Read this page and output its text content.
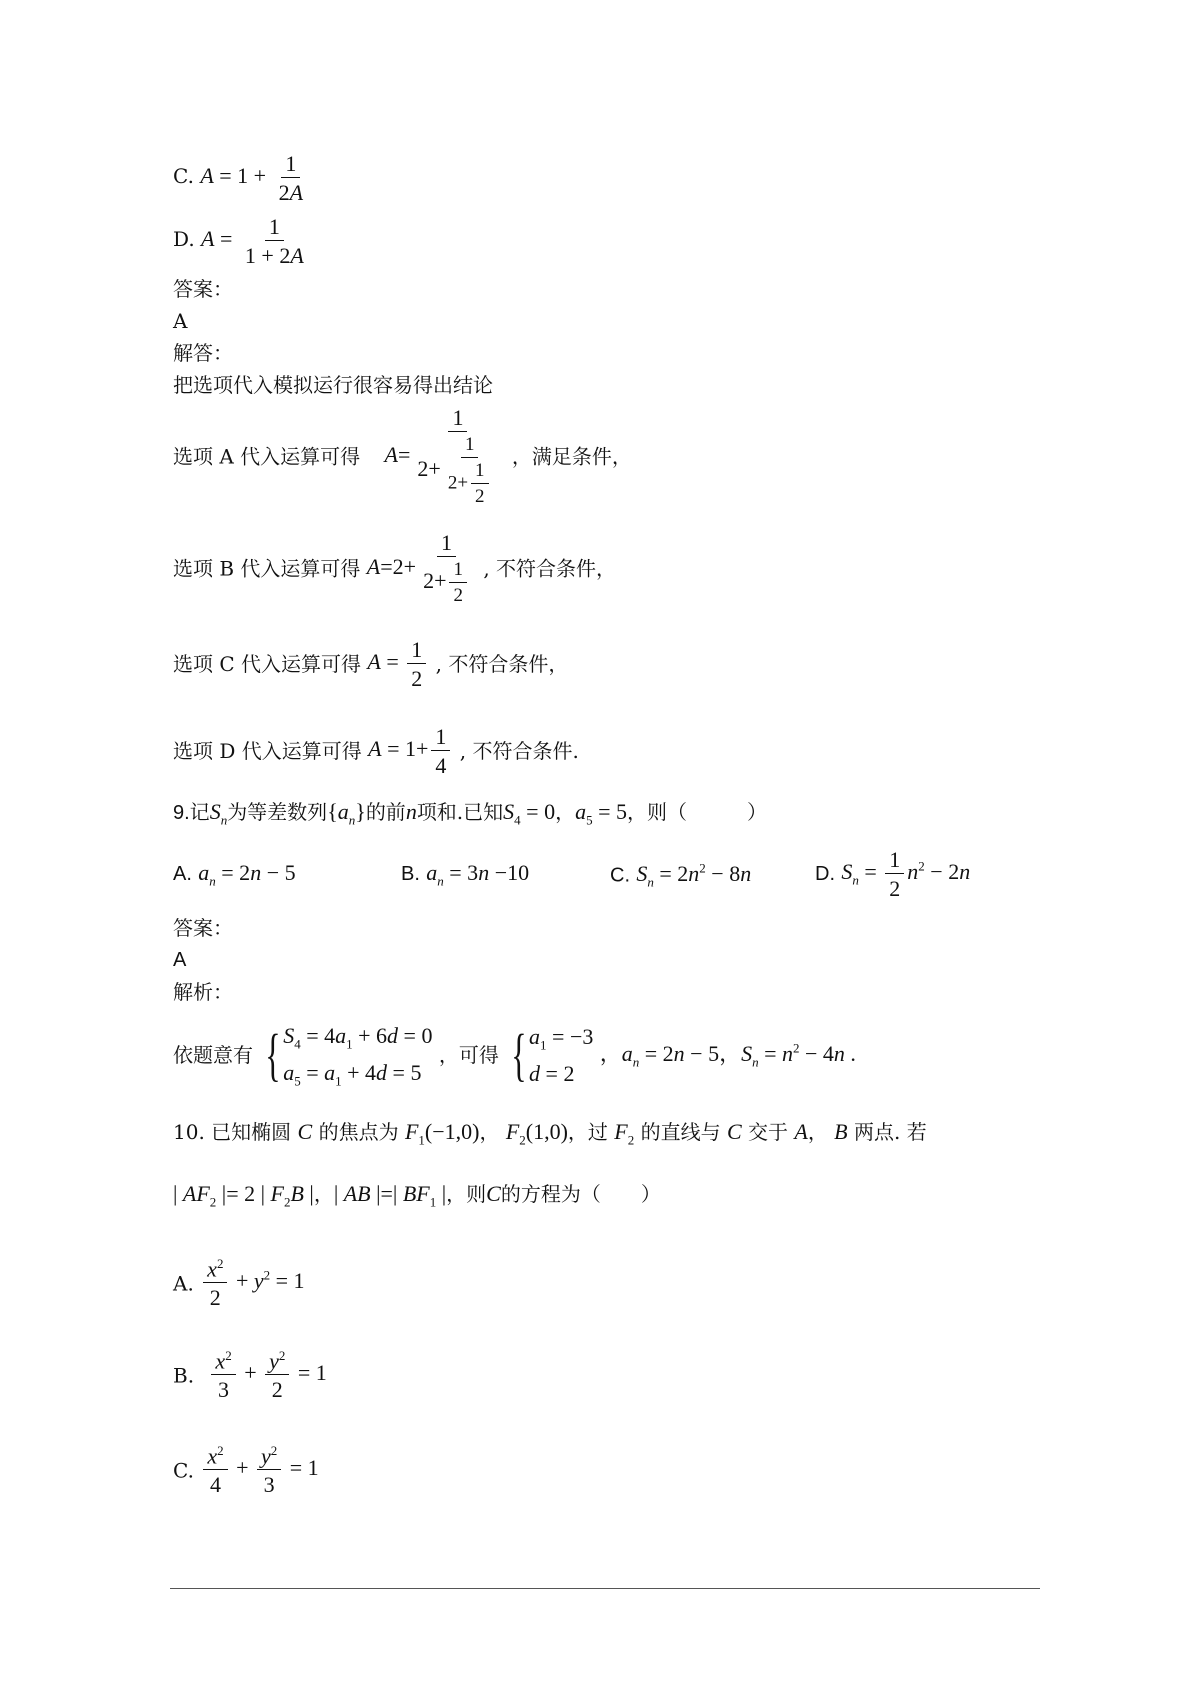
C. $A = 1 + \frac{1}{2A}$
D. $A = \frac{1}{1 + 2A}$
答案：
A
解答：
把选项代入模拟运行很容易得出结论
选项 A 代入运算可得 $A= \frac{1}{2+ \frac{1}{2+ \frac{1}{2}}}$ ，满足条件，
选项 B 代入运算可得 $A=2+ \frac{1}{2+ \frac{1}{2}}$ , 不符合条件，
选项 C 代入运算可得 $A = \frac{1}{2}$ , 不符合条件，
选项 D 代入运算可得 $A = 1+ \frac{1}{4}$ , 不符合条件.
9.记$S_n$为等差数列$\{a_n\}$的前n项和.已知$S_4 = 0$，$a_5 = 5$，则（　　　）
A. $a_n = 2n - 5$	B. $a_n = 3n -10$	C. $S_n = 2n^2 - 8n$	D. $S_n = \frac{1}{2} n^2 - 2n$
答案：
A
解析：
依题意有 { $S_4 = 4a_1 + 6d = 0$
$a_5 = a_1 + 4d = 5$
，可得 { $a_1 = -3$
d = 2
，$a_n = 2n - 5$，$S_n = n^2 - 4n$ .
10. 已知椭圆 C 的焦点为 $F_1(-1,0)$， $F_2(1,0)$，过 $F_2$ 的直线与 C 交于 A， B 两点. 若
| $AF_2$ |= 2 | $F_2B$ |，| AB |=| $BF_1$ |，则C的方程为（　　）
A. $\frac{x^2}{2} + y^2 = 1$
B. $\frac{x^2}{3} + \frac{y^2}{2} = 1$
C. $\frac{x^2}{4} + \frac{y^2}{3} = 1$
